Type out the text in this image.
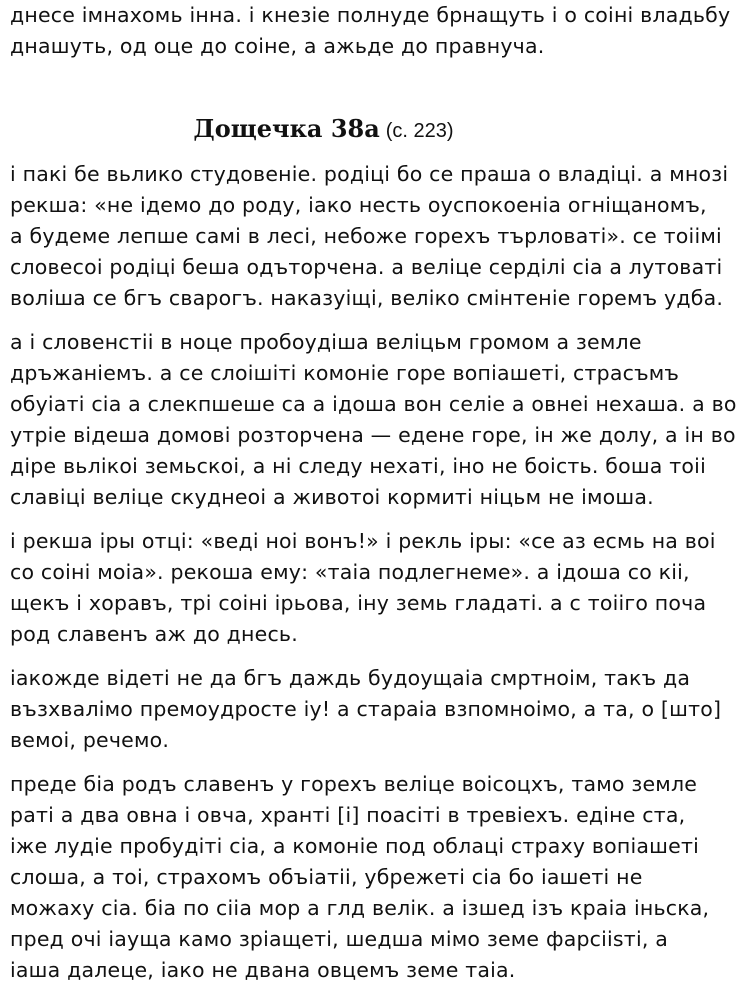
днесе імнахомь інна. і кнезіе полнуде брнащуть і о соіні владьбу
днашуть, од оце до соіне, а ажьде до правнуча.
Дощечка 38а (с. 223)
і пакі бе вьлико студовеніе. родіці бо се праша о владіці. а мнозі
рекша: «не ідемо до роду, іако несть оуспокоеніа огніщаномъ,
а будеме лепше самі в лесі, небоже горехъ търловаті». се тоіімі
словесоі родіці беша одъторчена. а веліце серділі сіа а лутоваті
воліша се бгъ сварогъ. наказуіщі, веліко смінтеніе горемъ удба.
а і словенстіі в ноце пробоудіша веліцьм громом а земле
дръжаніемъ. а се слоішіті комоніе горе вопіашеті, страсъмъ
обуіаті сіа а слекпшеше са а ідоша вон селіе а овнеі нехаша. а во
утріе відеша домові розторчена — едене горе, ін же долу, а ін во
діре вьлікоі земьскоі, а ні следу нехаті, іно не боість. боша тоіі
славіці веліце скуднеоі а животоі кормиті ніцьм не імоша.
і рекша іры отці: «веді ноі вонъ!» і рекль іры: «се аз есмь на воі
со соіні моіа». рекоша ему: «таіа подлегнеме». а ідоша со кіі,
щекъ і хоравъ, трі соіні ірьова, іну земь гладаті. а с тоііго поча
род славенъ аж до днесь.
іакожде відеті не да бгъ даждь будоущаіа смртноім, такъ да
възхвалімо премоудросте іу! а стараіа взпомноімо, а та, о [што]
вемоі, речемо.
преде біа родъ славенъ у горехъ веліце воісоцхъ, тамо земле
раті а два овна і овча, хранті [і] поасіті в тревіехъ. едіне ста,
іже лудіе пробудіті сіа, а комоніе под облаці страху вопіашеті
слоша, а тоі, страхомъ объіатіі, убрежеті сіа бо іашеті не
можаху сіа. біа по сііа мор а глд велік. а ізшед ізъ краіа іньска,
пред очі іауща камо зріащеті, шедша мімо земе фарсііsті, а
іаша далеце, іако не двана овцемъ земе таіа.
